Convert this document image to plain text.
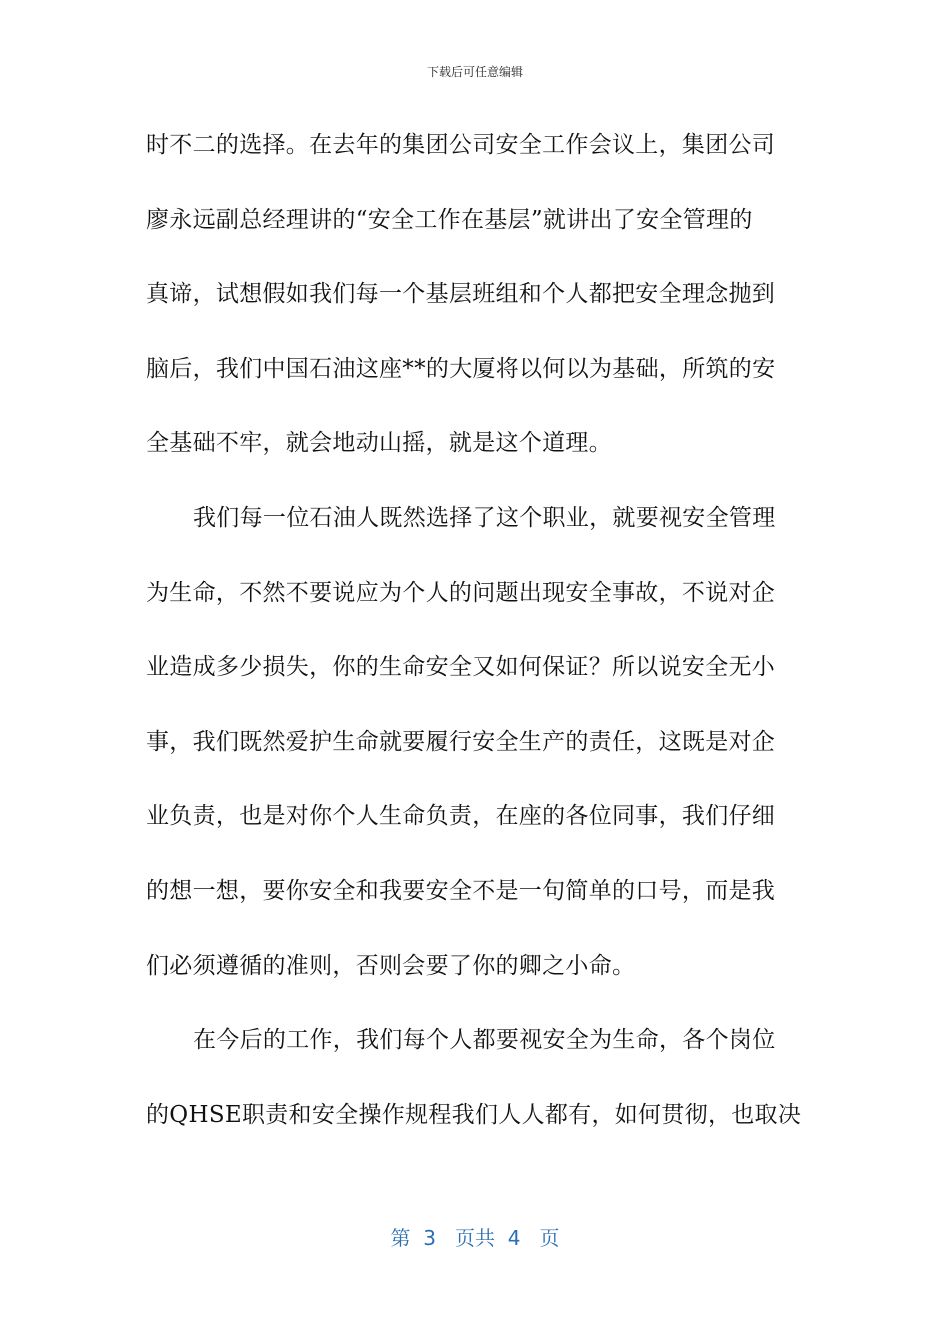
下载后可任意编辑
时不二的选择。在去年的集团公司安全工作会议上，集团公司
廖永远副总经理讲的“安全工作在基层”就讲出了安全管理的
真谛，试想假如我们每一个基层班组和个人都把安全理念抛到
脑后，我们中国石油这座**的大厦将以何以为基础，所筑的安
全基础不牢，就会地动山摇，就是这个道理。
我们每一位石油人既然选择了这个职业，就要视安全管理
为生命，不然不要说应为个人的问题出现安全事故，不说对企
业造成多少损失，你的生命安全又如何保证？所以说安全无小
事，我们既然爱护生命就要履行安全生产的责任，这既是对企
业负责，也是对你个人生命负责，在座的各位同事，我们仔细
的想一想，要你安全和我要安全不是一句简单的口号，而是我
们必须遵循的准则，否则会要了你的卿之小命。
在今后的工作，我们每个人都要视安全为生命，各个岗位
的QHSE职责和安全操作规程我们人人都有，如何贯彻，也取决
第  3   页共  4   页
